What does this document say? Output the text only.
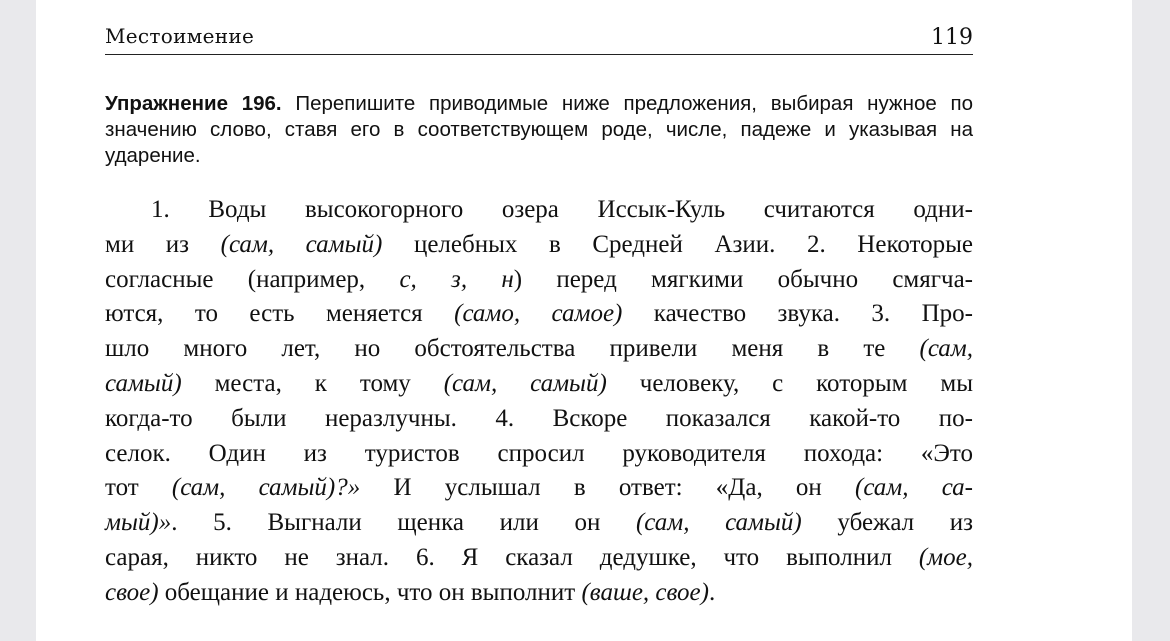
Местоимение	119
Упражнение 196. Перепишите приводимые ниже предложения, выбирая нужное по значению слово, ставя его в соответствующем роде, числе, падеже и указывая на ударение.
1. Воды высокогорного озера Иссык-Куль считаются одни-
ми из (сам, самый) целебных в Средней Азии. 2. Некоторые
согласные (например, с, з, н) перед мягкими обычно смягча-
ются, то есть меняется (само, самое) качество звука. 3. Про-
шло много лет, но обстоятельства привели меня в те (сам,
самый) места, к тому (сам, самый) человеку, с которым мы
когда-то были неразлучны. 4. Вскоре показался какой-то по-
селок. Один из туристов спросил руководителя похода: «Это
тот (сам, самый)?» И услышал в ответ: «Да, он (сам, са-
мый)». 5. Выгнали щенка или он (сам, самый) убежал из
сарая, никто не знал. 6. Я сказал дедушке, что выполнил (мое,
свое) обещание и надеюсь, что он выполнит (ваше, свое).
